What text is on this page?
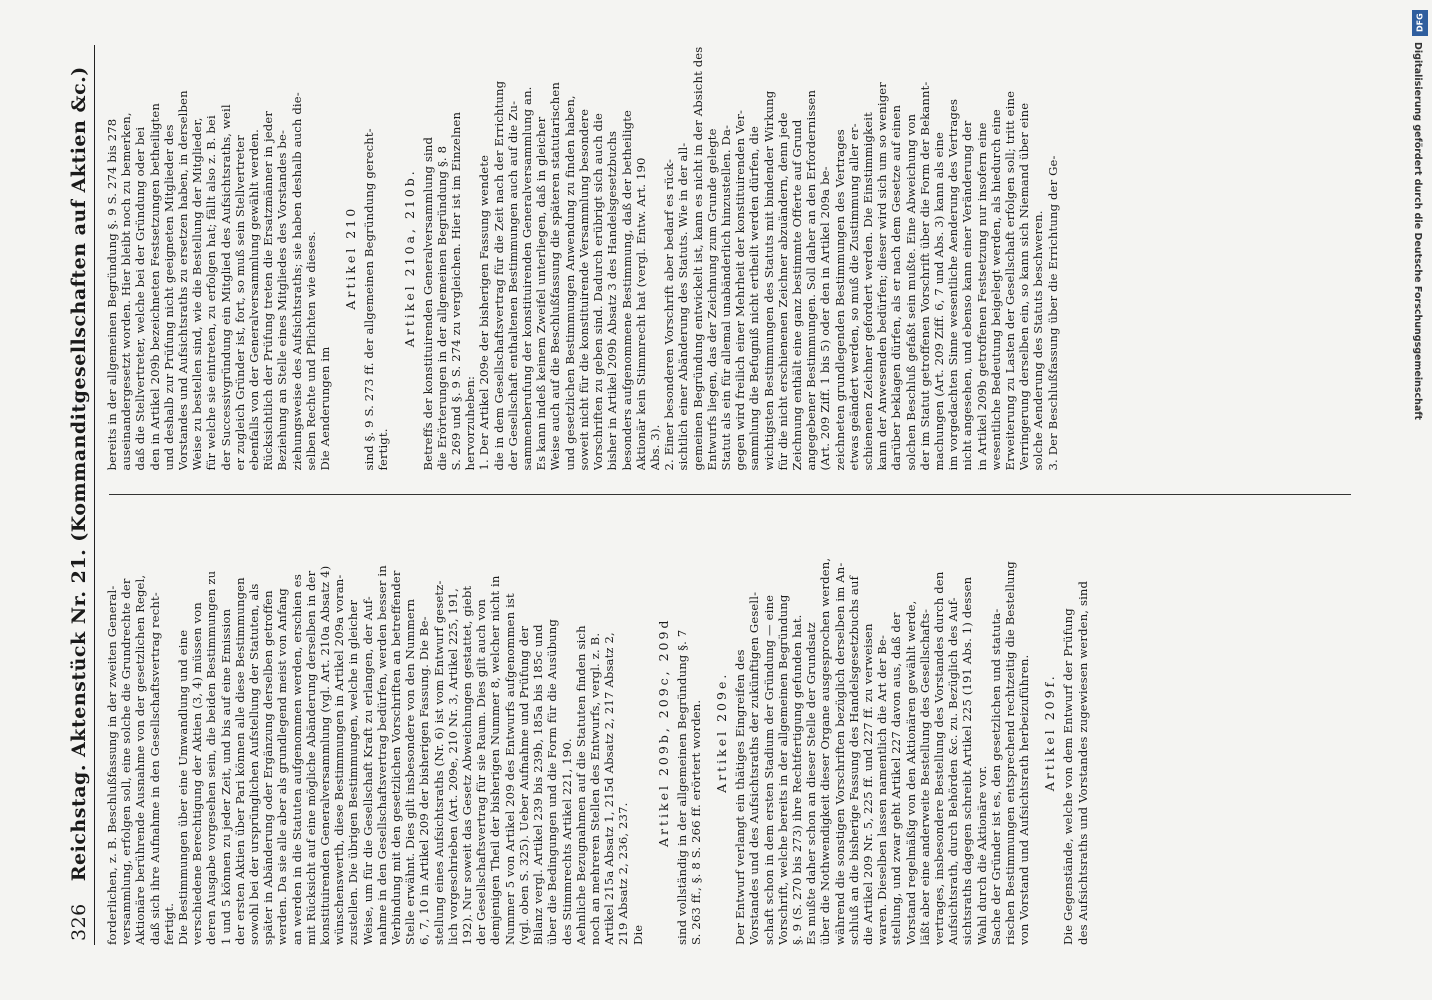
326
Reichstag. Aktenstück Nr. 21. (Kommanditgesellschaften auf Aktien &c.) forderlichen, z. B. Beschlußfassung in der zweiten General- versammlung, erfolgen soll, eine solche die Grundrechte der Aktionäre berührende Ausnahme von der gesetzlichen Regel, daß sich ihre Aufnahme in den Gesellschaftsvertrag recht- fertigt. Die Bestimmungen über eine Umwandlung und eine verschiedene Berechtigung der Aktien (3, 4) müssen von deren Ausgabe vorgesehen sein, die beiden Bestimmungen zu 1 und 5 können zu jeder Zeit, und bis auf eine Emission der ersten Aktien über Pari können alle diese Bestimmungen sowohl bei der ursprünglichen Aufstellung der Statuten, als später in Abänderung oder Ergänzung derselben getroffen werden. Da sie alle aber als grundlegend meist von Anfang an werden in die Statuten aufgenommen werden, erschien es mit Rücksicht auf eine mögliche Abänderung derselben in der konstituirenden Generalversammlung (vgl. Art. 210a Absatz 4) wünschenswerth, diese Bestimmungen in Artikel 209a voran- zustellen. Die übrigen Bestimmungen, welche in gleicher Weise, um für die Gesellschaft Kraft zu erlangen, der Auf- nahme in den Gesellschaftsvertrag bedürfen, werden besser in Verbindung mit den gesetzlichen Vorschriften an betreffender Stelle erwähnt. Dies gilt insbesondere von den Nummern 6, 7, 10 in Artikel 209 der bisherigen Fassung. Die Be- stellung eines Aufsichtsraths (Nr. 6) ist vom Entwurf gesetz- lich vorgeschrieben (Art. 209e, 210 Nr. 3, Artikel 225, 191, 192). Nur soweit das Gesetz Abweichungen gestattet, giebt der Gesellschaftsvertrag für sie Raum. Dies gilt auch von demjenigen Theil der bisherigen Nummer 8, welcher nicht in Nummer 5 von Artikel 209 des Entwurfs aufgenommen ist (vgl. oben S. 325). Ueber Aufnahme und Prüfung der Bilanz vergl. Artikel 239 bis 239b, 185a bis 185c und über die Bedingungen und die Form für die Ausübung des Stimmrechts Artikel 221, 190. Aehnliche Bezugnahmen auf die Statuten finden sich noch an mehreren Stellen des Entwurfs, vergl. z. B. Artikel 215a Absatz 1, 215d Absatz 2, 217 Absatz 2, 219 Absatz 2, 236, 237. Die
Artikel 209b, 209c, 209d sind vollständig in der allgemeinen Begründung §. 7 S. 263 ff., §. 8 S. 266 ff. erörtert worden. Artikel 209e. Der Entwurf verlangt ein thätiges Eingreifen des Vorstandes und des Aufsichtsraths der zukünftigen Gesell- schaft schon in dem ersten Stadium der Gründung — eine Vorschrift, welche bereits in der allgemeinen Begründung §. 9 (S. 270 bis 273) ihre Rechtfertigung gefunden hat. Es mußte daher schon an dieser Stelle der Grundsatz über die Nothwendigkeit dieser Organe ausgesprochen werden, während die sonstigen Vorschriften bezüglich derselben im An- schluß an die bisherige Fassung des Handelsgesetzbuchs auf die Artikel 209 Nr. 5, 225 ff. und 227 ff. zu verweisen waren. Dieselben lassen namentlich die Art der Be- stellung, und zwar geht Artikel 227 davon aus, daß der Vorstand regelmäßig von den Aktionären gewählt werde, läßt aber eine anderweite Bestellung des Gesellschafts- vertrages, insbesondere Bestellung des Vorstandes durch den Aufsichtsrath, durch Behörden &c. zu. Bezüglich des Auf- sichtsraths dagegen schreibt Artikel 225 (191 Abs. 1) dessen Wahl durch die Aktionäre vor. Sache der Gründer ist es, den gesetzlichen und statuta- rischen Bestimmungen entsprechend rechtzeitig die Bestellung von Vorstand und Aufsichtsrath herbeizuführen. Artikel 209f. Die Gegenstände, welche von dem Entwurf der Prüfung des Aufsichtsraths und Vorstandes zugewiesen werden, sind
bereits in der allgemeinen Begründung §. 9 S. 274 bis 278 auseinandergesetzt worden. Hier bleibt noch zu bemerken, daß die Stellvertreter, welche bei der Gründung oder bei den in Artikel 209b bezeichneten Festsetzungen betheiligten und deshalb zur Prüfung nicht geeigneten Mitglieder des Vorstandes und Aufsichtsraths zu ersetzen haben, in derselben Weise zu bestellen sind, wie die Bestellung der Mitglieder, für welche sie eintreten, zu erfolgen hat; fällt also z. B. bei der Successivgründung ein Mitglied des Aufsichtsraths, weil er zugleich Gründer ist, fort, so muß sein Stellvertreter ebenfalls von der Generalversammlung gewählt werden. Rücksichtlich der Prüfung treten die Ersatzmänner in jeder Beziehung an Stelle eines Mitgliedes des Vorstandes be- ziehungsweise des Aufsichtsraths; sie haben deshalb auch die- selben Rechte und Pflichten wie dieses. Die Aenderungen im
Artikel 210 sind §. 9 S. 273 ff. der allgemeinen Begründung gerecht- fertigt.
Artikel 210a, 210b. Betreffs der konstituirenden Generalversammlung sind die Erörterungen in der allgemeinen Begründung §. 8 S. 269 und §. 9 S. 274 zu vergleichen. Hier ist im Einzelnen hervorzuheben: 1. Der Artikel 209e der bisherigen Fassung wendete die in dem Gesellschaftsvertrag für die Zeit nach der Errichtung der Gesellschaft enthaltenen Bestimmungen auch auf die Zu- sammenberufung der konstituirenden Generalversammlung an. Es kann indeß keinem Zweifel unterliegen, daß in gleicher Weise auch auf die Beschlußfassung die späteren statutarischen und gesetzlichen Bestimmungen Anwendung zu finden haben, soweit nicht für die konstituirende Versammlung besondere Vorschriften zu geben sind. Dadurch erübrigt sich auch die bisher in Artikel 209b Absatz 3 des Handelsgesetzbuchs besonders aufgenommene Bestimmung, daß der betheiligte Aktionär kein Stimmrecht hat (vergl. Entw. Art. 190 Abs. 3). 2. Einer besonderen Vorschrift aber bedarf es rück- sichtlich einer Abänderung des Statuts. Wie in der all- gemeinen Begründung entwickelt ist, kann es nicht in der Absicht des Entwurfs liegen, das der Zeichnung zum Grunde gelegte Statut als ein für allemal unabänderlich hinzustellen. Da- gegen wird freilich einer Mehrheit der konstituirenden Ver- sammlung die Befugniß nicht ertheilt werden dürfen, die wichtigsten Bestimmungen des Statuts mit bindender Wirkung für die nicht erschienenen Zeichner abzuändern, denn jede Zeichnung enthält eine ganz bestimmte Offerte auf Grund angegebener Bestimmungen. Soll daher an den Erfordernissen (Art. 209 Ziff. 1 bis 5) oder den in Artikel 209a be- zeichneten grundlegenden Bestimmungen des Vertrages etwas geändert werden, so muß die Zustimmung aller er- schienenen Zeichner gefordert werden. Die Einstimmigkeit kann der Anwesenden bedürfen; dieser wird sich um so weniger darüber beklagen dürfen, als er nach dem Gesetze auf einen solchen Beschluß gefaßt sein mußte. Eine Abweichung von der im Statut getroffenen Vorschrift über die Form der Bekannt- machungen (Art. 209 Ziff. 6, 7 und Abs. 3) kann als eine im vorgedachten Sinne wesentliche Aenderung des Vertrages nicht angesehen, und ebenso kann einer Veränderung der in Artikel 209b getroffenen Festsetzung nur insofern eine wesentliche Bedeutung beigelegt werden, als hiedurch eine Erweiterung zu Lasten der Gesellschaft erfolgen soll; tritt eine Verringerung derselben ein, so kann sich Niemand über eine solche Aenderung des Statuts beschweren. 3. Der Beschlußfassung über die Errichtung der Ge-
DFG
Digitalisierung gefördert durch die Deutsche Forschungsgemeinschaft
